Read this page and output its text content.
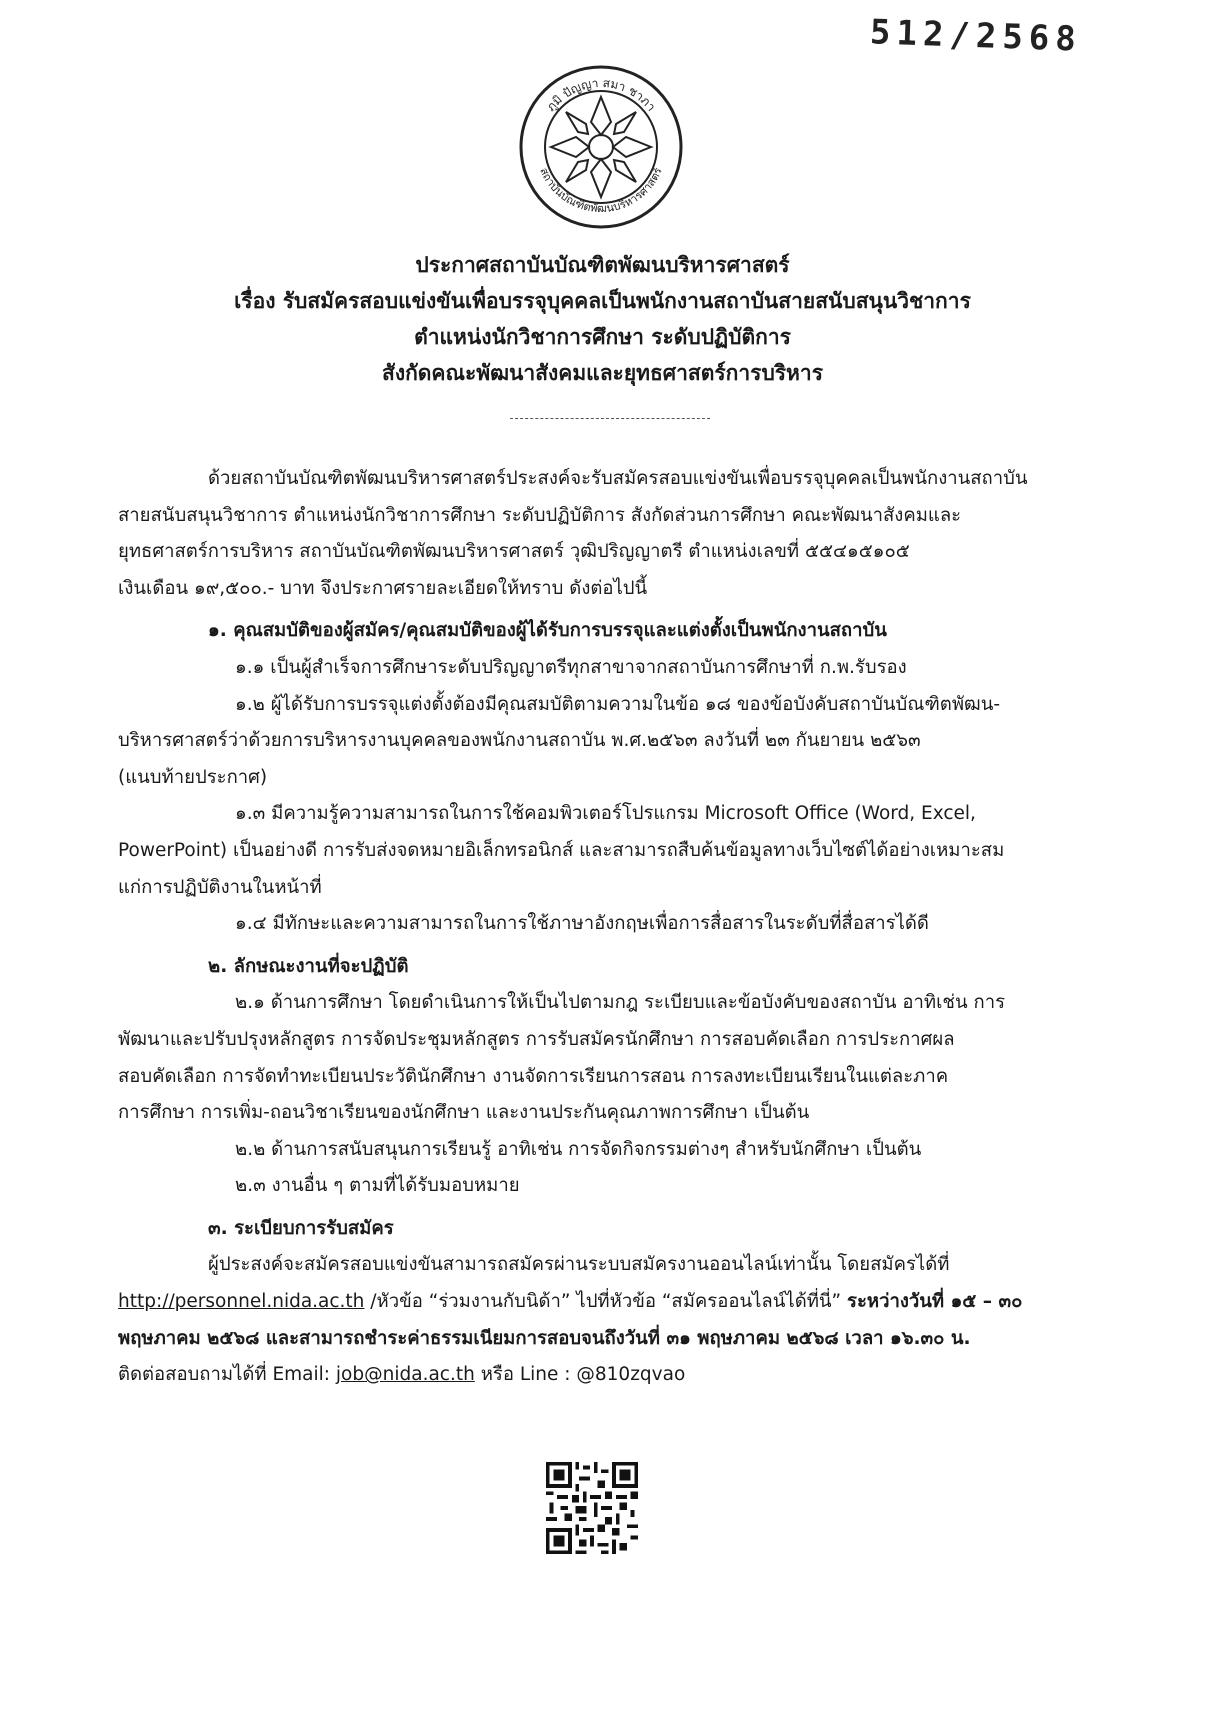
512/2568
ภูมิ ปัญญา สมา ชาภา
สถาบันบัณฑิตพัฒนบริหารศาสตร์
ประกาศสถาบันบัณฑิตพัฒนบริหารศาสตร์
เรื่อง รับสมัครสอบแข่งขันเพื่อบรรจุบุคคลเป็นพนักงานสถาบันสายสนับสนุนวิชาการ
ตำแหน่งนักวิชาการศึกษา ระดับปฏิบัติการ
สังกัดคณะพัฒนาสังคมและยุทธศาสตร์การบริหาร
ด้วยสถาบันบัณฑิตพัฒนบริหารศาสตร์ประสงค์จะรับสมัครสอบแข่งขันเพื่อบรรจุบุคคลเป็นพนักงานสถาบัน
สายสนับสนุนวิชาการ ตำแหน่งนักวิชาการศึกษา ระดับปฏิบัติการ สังกัดส่วนการศึกษา คณะพัฒนาสังคมและ
ยุทธศาสตร์การบริหาร สถาบันบัณฑิตพัฒนบริหารศาสตร์ วุฒิปริญญาตรี ตำแหน่งเลขที่ ๕๕๔๑๕๑๐๕
เงินเดือน ๑๙,๕๐๐.- บาท จึงประกาศรายละเอียดให้ทราบ ดังต่อไปนี้
๑. คุณสมบัติของผู้สมัคร/คุณสมบัติของผู้ได้รับการบรรจุและแต่งตั้งเป็นพนักงานสถาบัน
๑.๑ เป็นผู้สำเร็จการศึกษาระดับปริญญาตรีทุกสาขาจากสถาบันการศึกษาที่ ก.พ.รับรอง
๑.๒ ผู้ได้รับการบรรจุแต่งตั้งต้องมีคุณสมบัติตามความในข้อ ๑๘ ของข้อบังคับสถาบันบัณฑิตพัฒน-
บริหารศาสตร์ว่าด้วยการบริหารงานบุคคลของพนักงานสถาบัน พ.ศ.๒๕๖๓ ลงวันที่ ๒๓ กันยายน ๒๕๖๓
(แนบท้ายประกาศ)
๑.๓ มีความรู้ความสามารถในการใช้คอมพิวเตอร์โปรแกรม Microsoft Office (Word, Excel,
PowerPoint) เป็นอย่างดี การรับส่งจดหมายอิเล็กทรอนิกส์ และสามารถสืบค้นข้อมูลทางเว็บไซต์ได้อย่างเหมาะสม
แก่การปฏิบัติงานในหน้าที่
๑.๔ มีทักษะและความสามารถในการใช้ภาษาอังกฤษเพื่อการสื่อสารในระดับที่สื่อสารได้ดี
๒. ลักษณะงานที่จะปฏิบัติ
๒.๑ ด้านการศึกษา โดยดำเนินการให้เป็นไปตามกฎ ระเบียบและข้อบังคับของสถาบัน อาทิเช่น การ
พัฒนาและปรับปรุงหลักสูตร การจัดประชุมหลักสูตร การรับสมัครนักศึกษา การสอบคัดเลือก การประกาศผล
สอบคัดเลือก การจัดทำทะเบียนประวัตินักศึกษา งานจัดการเรียนการสอน การลงทะเบียนเรียนในแต่ละภาค
การศึกษา การเพิ่ม-ถอนวิชาเรียนของนักศึกษา และงานประกันคุณภาพการศึกษา เป็นต้น
๒.๒ ด้านการสนับสนุนการเรียนรู้ อาทิเช่น การจัดกิจกรรมต่างๆ สำหรับนักศึกษา เป็นต้น
๒.๓ งานอื่น ๆ ตามที่ได้รับมอบหมาย
๓. ระเบียบการรับสมัคร
ผู้ประสงค์จะสมัครสอบแข่งขันสามารถสมัครผ่านระบบสมัครงานออนไลน์เท่านั้น โดยสมัครได้ที่
http://personnel.nida.ac.th /หัวข้อ “ร่วมงานกับนิด้า” ไปที่หัวข้อ “สมัครออนไลน์ได้ที่นี่” ระหว่างวันที่ ๑๕ – ๓๐
พฤษภาคม ๒๕๖๘ และสามารถชำระค่าธรรมเนียมการสอบจนถึงวันที่ ๓๑ พฤษภาคม ๒๕๖๘ เวลา ๑๖.๓๐ น.
ติดต่อสอบถามได้ที่ Email: job@nida.ac.th หรือ Line : @810zqvao
